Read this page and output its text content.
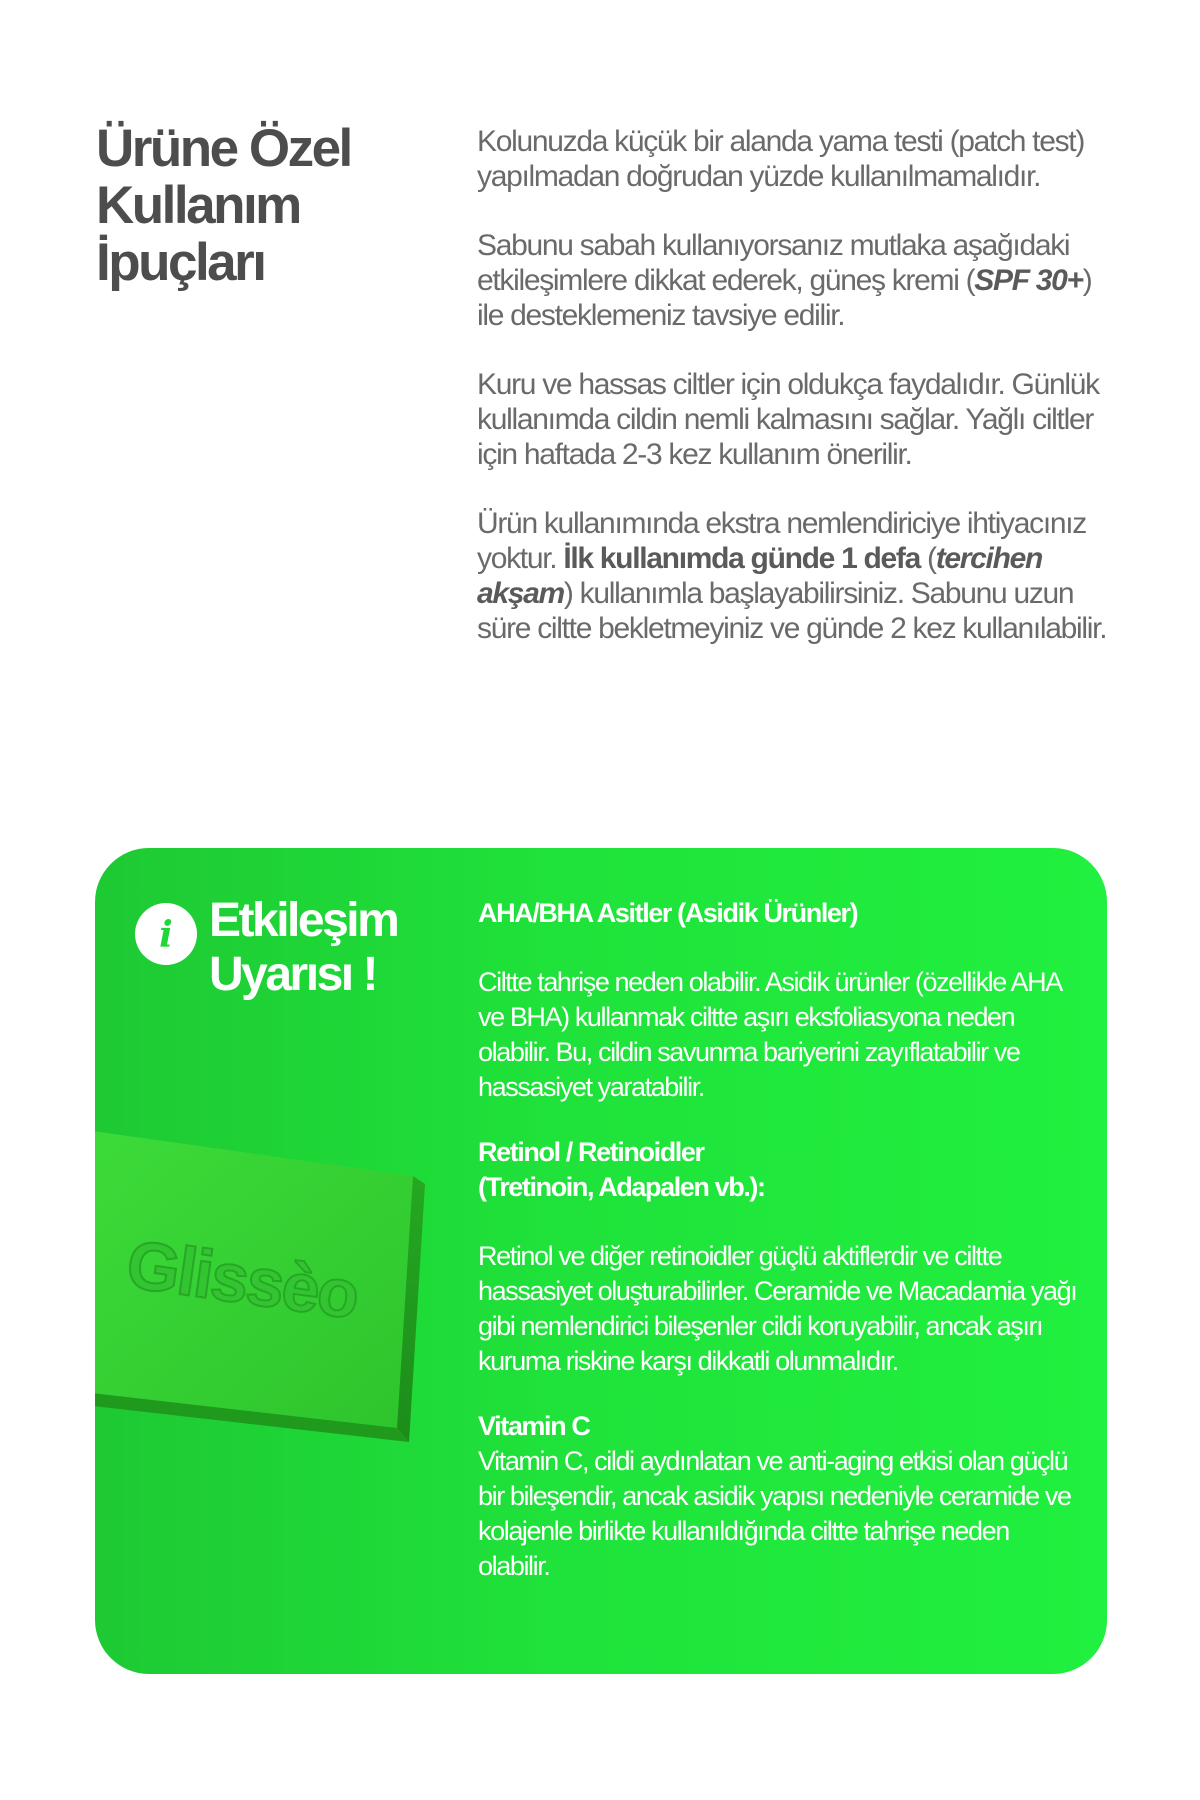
Ürüne Özel
Kullanım
İpuçları

Kolunuzda küçük bir alanda yama testi (patch test) yapılmadan doğrudan yüzde kullanılmamalıdır.

Sabunu sabah kullanıyorsanız mutlaka aşağıdaki etkileşimlere dikkat ederek, güneş kremi (SPF 30+) ile desteklemeniz tavsiye edilir.

Kuru ve hassas ciltler için oldukça faydalıdır. Günlük kullanımda cildin nemli kalmasını sağlar. Yağlı ciltler için haftada 2-3 kez kullanım önerilir.

Ürün kullanımında ekstra nemlendiriciye ihtiyacınız yoktur. İlk kullanımda günde 1 defa (tercihen akşam) kullanımla başlayabilirsiniz. Sabunu uzun süre ciltte bekletmeyiniz ve günde 2 kez kullanılabilir.

i Etkileşim
Uyarısı !
Glissèo
AHA/BHA Asitler (Asidik Ürünler)

Ciltte tahrişe neden olabilir. Asidik ürünler (özellikle AHA ve BHA) kullanmak ciltte aşırı eksfoliasyona neden olabilir. Bu, cildin savunma bariyerini zayıflatabilir ve hassasiyet yaratabilir.

Retinol / Retinoidler
(Tretinoin, Adapalen vb.):

Retinol ve diğer retinoidler güçlü aktiflerdir ve ciltte hassasiyet oluşturabilirler. Ceramide ve Macadamia yağı gibi nemlendirici bileşenler cildi koruyabilir, ancak aşırı kuruma riskine karşı dikkatli olunmalıdır.

Vitamin C

Vitamin C, cildi aydınlatan ve anti-aging etkisi olan güçlü bir bileşendir, ancak asidik yapısı nedeniyle ceramide ve kolajenle birlikte kullanıldığında ciltte tahrişe neden olabilir.
